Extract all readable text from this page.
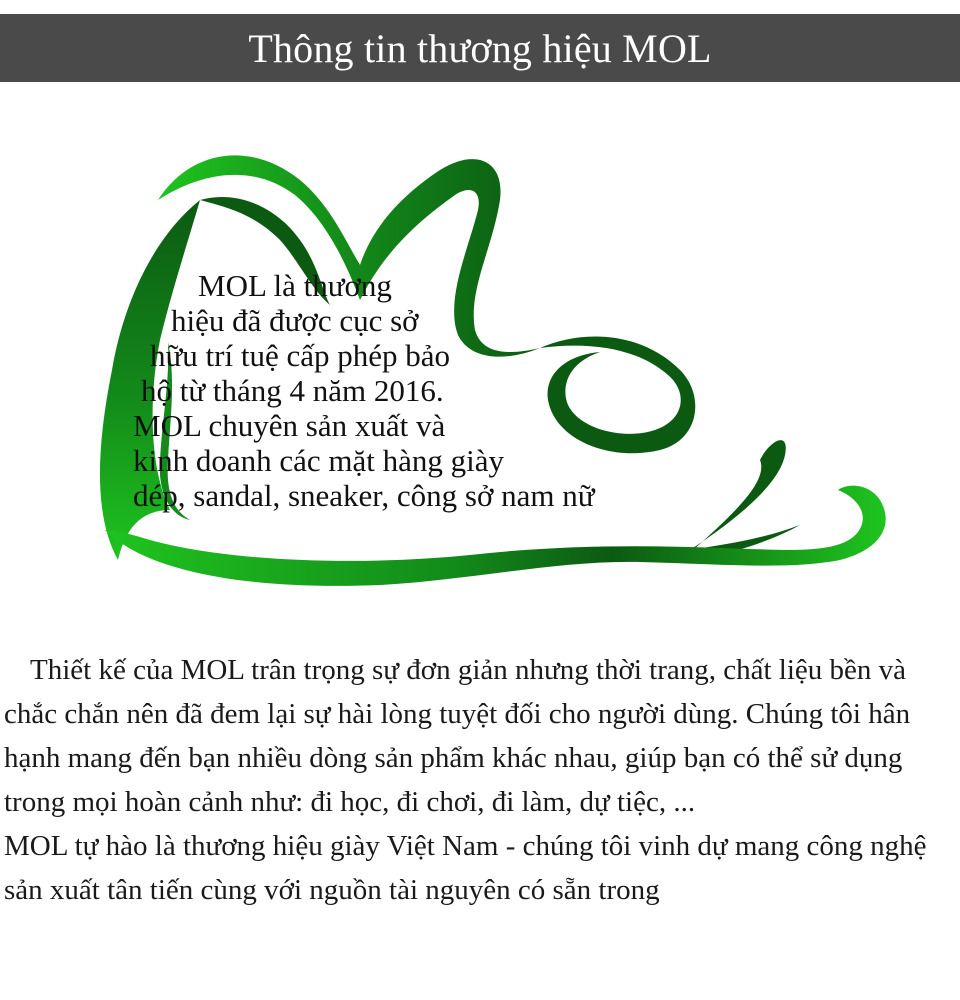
Thông tin thương hiệu MOL

MOL là thương

hiệu đã được cục sở

hữu trí tuệ cấp phép bảo

hộ từ tháng 4 năm 2016.

MOL chuyên sản xuất và

kinh doanh các mặt hàng giày

dép, sandal, sneaker, công sở nam nữ

Thiết kế của MOL trân trọng sự đơn giản nhưng thời trang, chất liệu bền và chắc chắn nên đã đem lại sự hài lòng tuyệt đối cho người dùng. Chúng tôi hân hạnh mang đến bạn nhiều dòng sản phẩm khác nhau, giúp bạn có thể sử dụng trong mọi hoàn cảnh như: đi học, đi chơi, đi làm, dự tiệc, ...

MOL tự hào là thương hiệu giày Việt Nam - chúng tôi vinh dự mang công nghệ sản xuất tân tiến cùng với nguồn tài nguyên có sẵn trong
